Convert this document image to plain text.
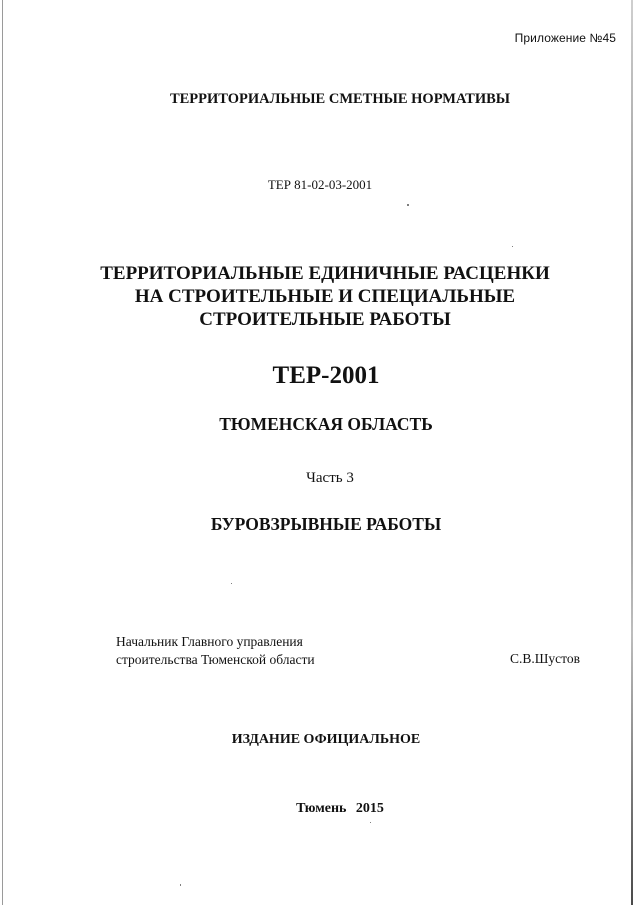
Приложение №45
ТЕРРИТОРИАЛЬНЫЕ СМЕТНЫЕ НОРМАТИВЫ
ТЕР 81-02-03-2001
ТЕРРИТОРИАЛЬНЫЕ ЕДИНИЧНЫЕ РАСЦЕНКИ
НА СТРОИТЕЛЬНЫЕ И СПЕЦИАЛЬНЫЕ
СТРОИТЕЛЬНЫЕ РАБОТЫ
ТЕР-2001
ТЮМЕНСКАЯ ОБЛАСТЬ
Часть 3
БУРОВЗРЫВНЫЕ РАБОТЫ
Начальник Главного управления
строительства Тюменской области	С.В.Шустов
ИЗДАНИЕ ОФИЦИАЛЬНОЕ
Тюмень 2015
